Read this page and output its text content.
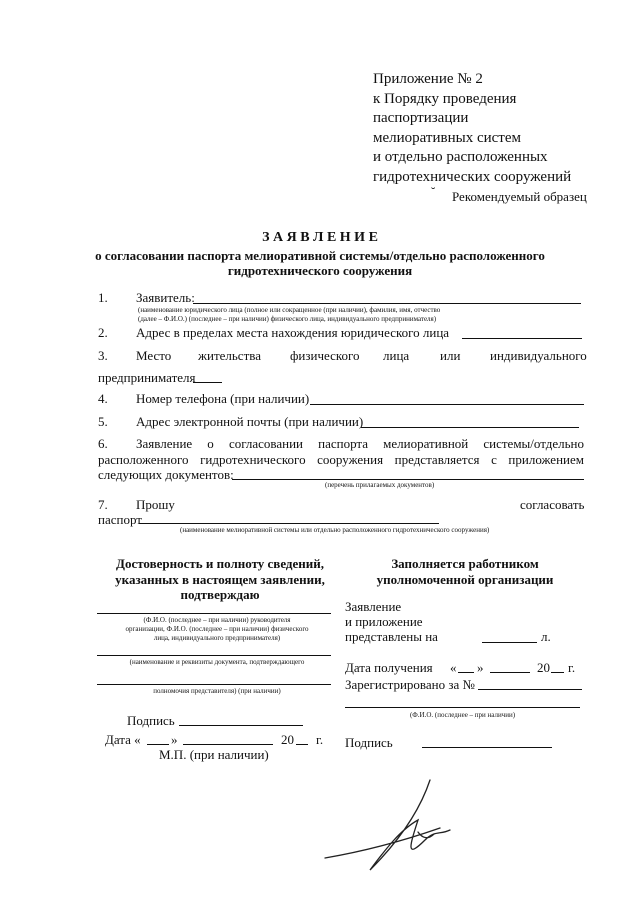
Приложение № 2
к Порядку проведения
паспортизации
мелиоративных систем
и отдельно расположенных
гидротехнических сооружений
˘ Рекомендуемый образец
З А Я В Л Е Н И Е
о согласовании паспорта мелиоративной системы/отдельно расположенного
гидротехнического сооружения
1. Заявитель:
(наименование юридического лица (полное или сокращенное (при наличии), фамилия, имя, отчество
(далее – Ф.И.О.) (последнее – при наличии) физического лица, индивидуального предпринимателя)
2. Адрес в пределах места нахождения юридического лица
3. Место жительства физического лица или индивидуального
предпринимателя
4. Номер телефона (при наличии)
5. Адрес электронной почты (при наличии)
6. Заявление о согласовании паспорта мелиоративной системы/отдельно
расположенного гидротехнического сооружения представляется с приложением
следующих документов:
(перечень прилагаемых документов)
7. Прошу	согласовать
паспорт
(наименование мелиоративной системы или отдельно расположенного гидротехнического сооружения)
Достоверность и полноту сведений,
указанных в настоящем заявлении,
подтверждаю
(Ф.И.О. (последнее – при наличии) руководителя
организации, Ф.И.О. (последнее – при наличии) физического
лица, индивидуального предпринимателя)
(наименование и реквизиты документа, подтверждающего
полномочия представителя) (при наличии)
Подпись
Дата « »	20 г.
М.П. (при наличии)
Заполняется работником
уполномоченной организации
Заявление
и приложение
представлены на	л.
Дата получения « »	20 г.
Зарегистрировано за №
(Ф.И.О. (последнее – при наличии)
Подпись
